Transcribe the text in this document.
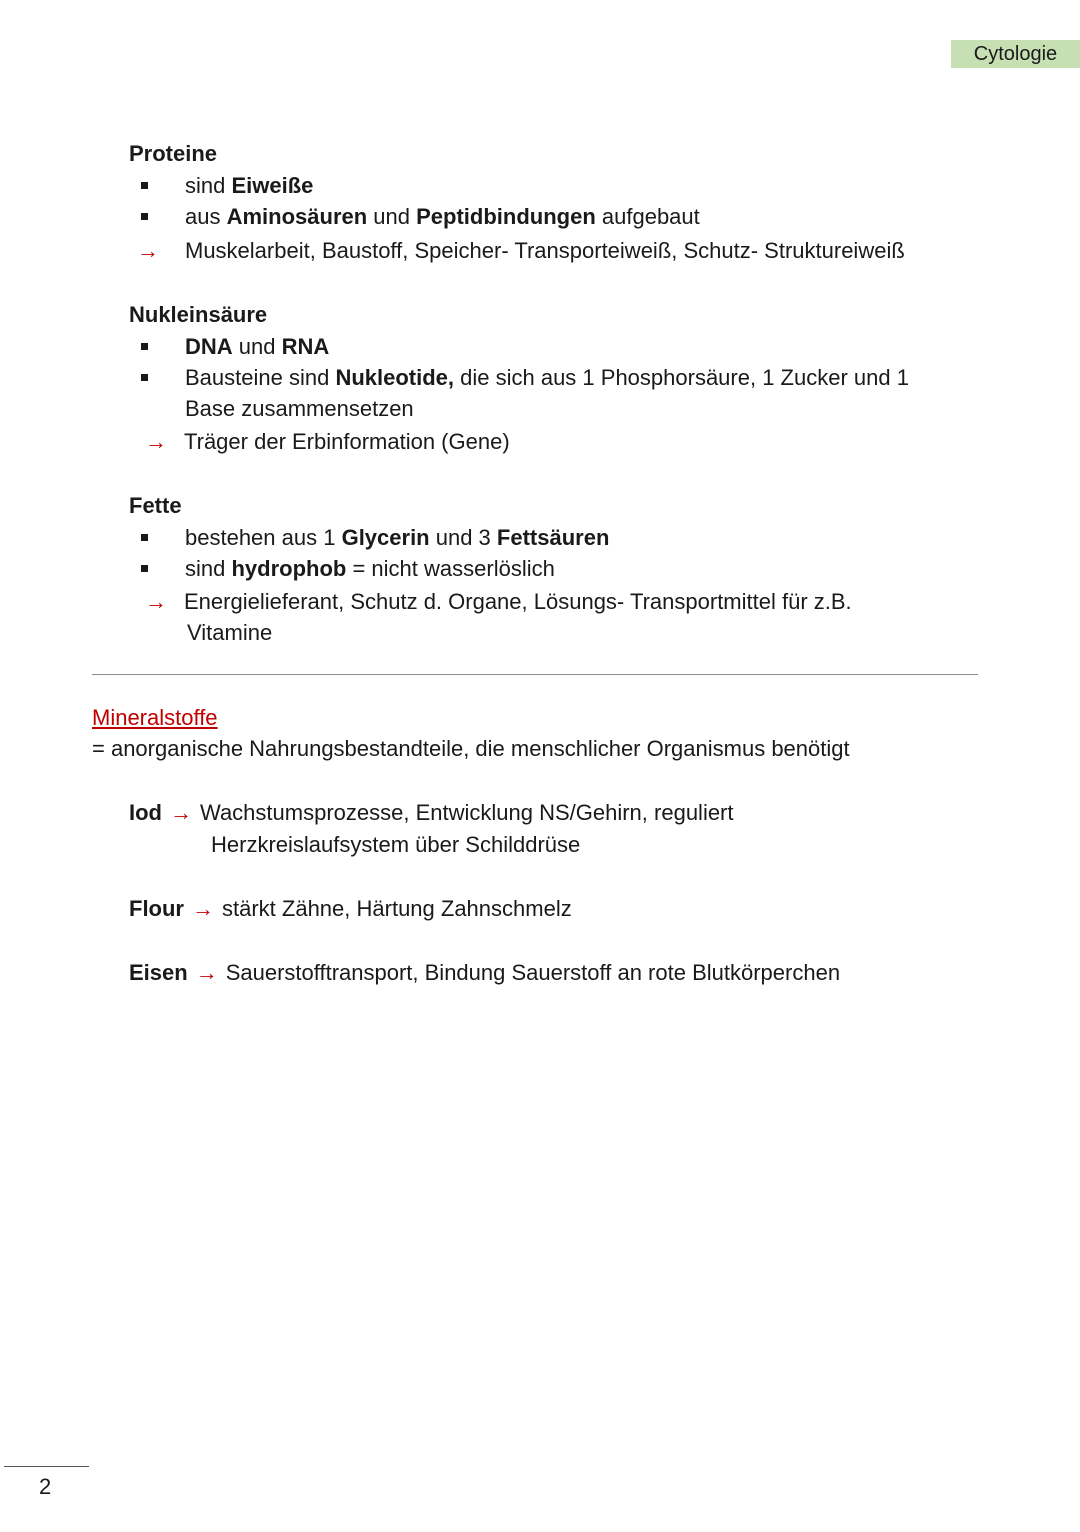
Cytologie
Proteine
sind Eiweiße
aus Aminosäuren und Peptidbindungen aufgebaut
→ Muskelarbeit, Baustoff, Speicher- Transporteiweiß, Schutz- Struktureiweiß
Nukleinsäure
DNA und RNA
Bausteine sind Nukleotide, die sich aus 1 Phosphorsäure, 1 Zucker und 1
Base zusammensetzen
→ Träger der Erbinformation (Gene)
Fette
bestehen aus 1 Glycerin und 3 Fettsäuren
sind hydrophob = nicht wasserlöslich
→ Energielieferant, Schutz d. Organe, Lösungs- Transportmittel für z.B.
Vitamine
Mineralstoffe
= anorganische Nahrungsbestandteile, die menschlicher Organismus benötigt
Iod → Wachstumsprozesse, Entwicklung NS/Gehirn, reguliert
Herzkreislaufsystem über Schilddrüse
Flour → stärkt Zähne, Härtung Zahnschmelz
Eisen → Sauerstofftransport, Bindung Sauerstoff an rote Blutkörperchen
2
